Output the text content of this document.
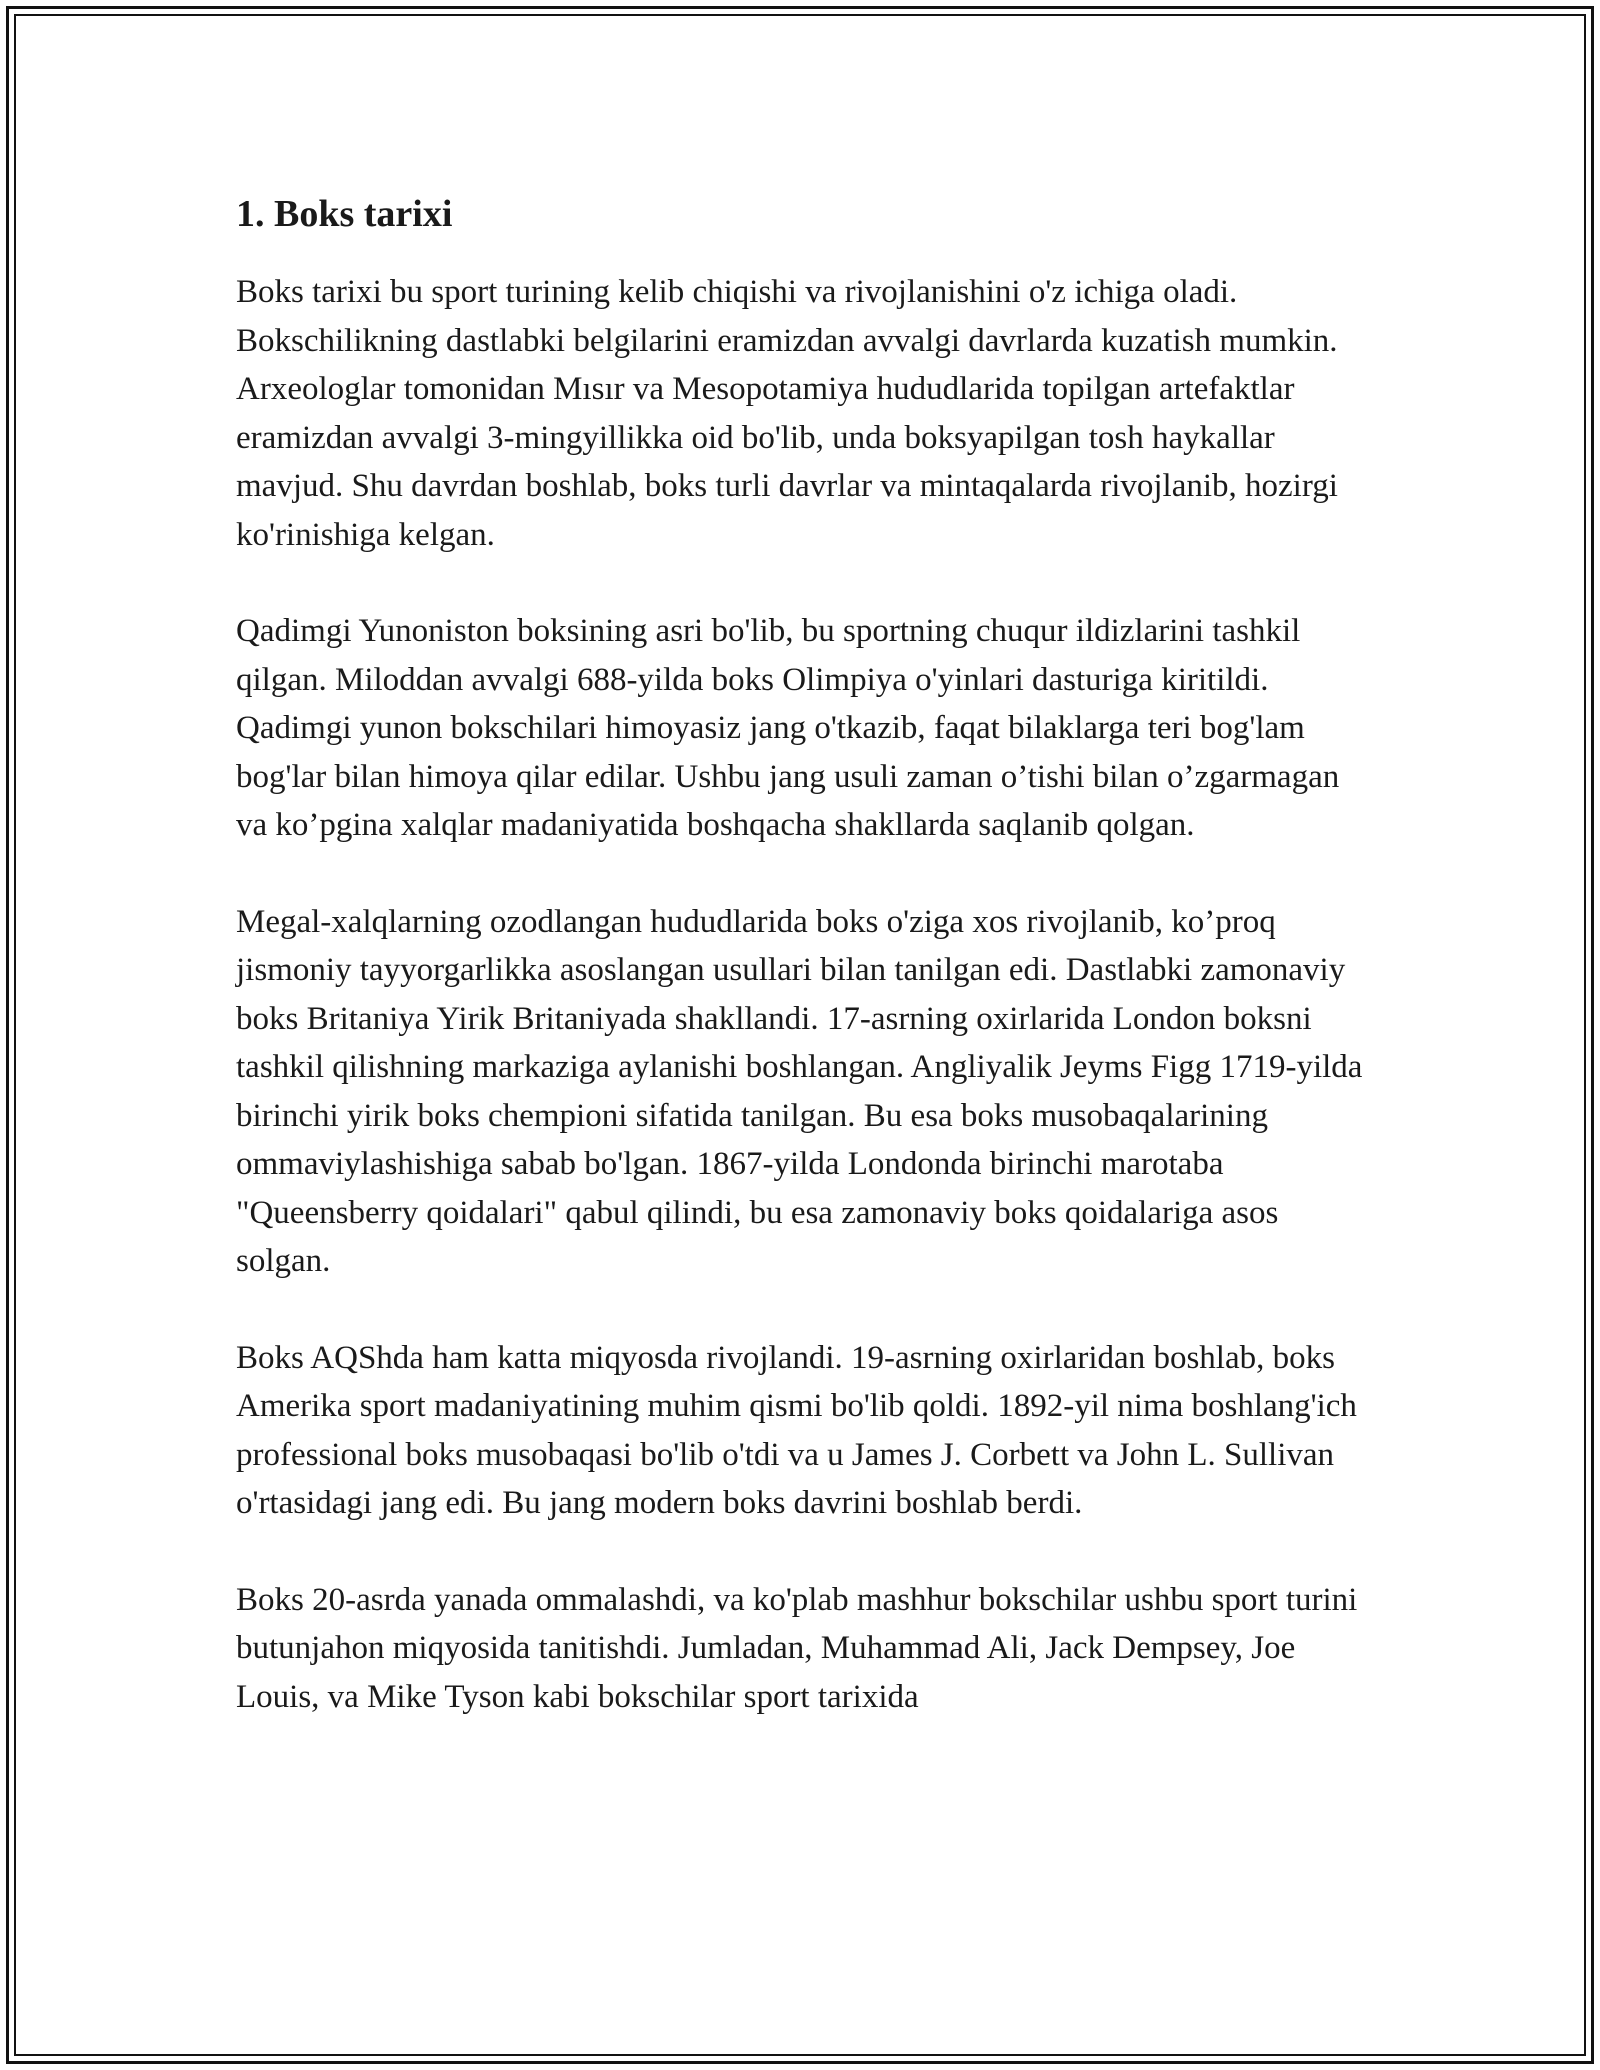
1. Boks tarixi

Boks tarixi bu sport turining kelib chiqishi va rivojlanishini o'z ichiga oladi. Bokschilikning dastlabki belgilarini eramizdan avvalgi davrlarda kuzatish mumkin. Arxeologlar tomonidan Mısır va Mesopotamiya hududlarida topilgan artefaktlar eramizdan avvalgi 3-mingyillikka oid bo'lib, unda boksyapilgan tosh haykallar mavjud. Shu davrdan boshlab, boks turli davrlar va mintaqalarda rivojlanib, hozirgi ko'rinishiga kelgan.

Qadimgi Yunoniston boksining asri bo'lib, bu sportning chuqur ildizlarini tashkil qilgan. Miloddan avvalgi 688-yilda boks Olimpiya o'yinlari dasturiga kiritildi. Qadimgi yunon bokschilari himoyasiz jang o'tkazib, faqat bilaklarga teri bog'lam bog'lar bilan himoya qilar edilar. Ushbu jang usuli zaman o’tishi bilan o’zgarmagan va ko’pgina xalqlar madaniyatida boshqacha shakllarda saqlanib qolgan.

Megal-xalqlarning ozodlangan hududlarida boks o'ziga xos rivojlanib, ko’proq jismoniy tayyorgarlikka asoslangan usullari bilan tanilgan edi. Dastlabki zamonaviy boks Britaniya Yirik Britaniyada shakllandi. 17-asrning oxirlarida London boksni tashkil qilishning markaziga aylanishi boshlangan. Angliyalik Jeyms Figg 1719-yilda birinchi yirik boks chempioni sifatida tanilgan. Bu esa boks musobaqalarining ommaviylashishiga sabab bo'lgan. 1867-yilda Londonda birinchi marotaba "Queensberry qoidalari" qabul qilindi, bu esa zamonaviy boks qoidalariga asos solgan.

Boks AQShda ham katta miqyosda rivojlandi. 19-asrning oxirlaridan boshlab, boks Amerika sport madaniyatining muhim qismi bo'lib qoldi. 1892-yil nima boshlang'ich professional boks musobaqasi bo'lib o'tdi va u James J. Corbett va John L. Sullivan o'rtasidagi jang edi. Bu jang modern boks davrini boshlab berdi.

Boks 20-asrda yanada ommalashdi, va ko'plab mashhur bokschilar ushbu sport turini butunjahon miqyosida tanitishdi. Jumladan, Muhammad Ali, Jack Dempsey, Joe Louis, va Mike Tyson kabi bokschilar sport tarixida
